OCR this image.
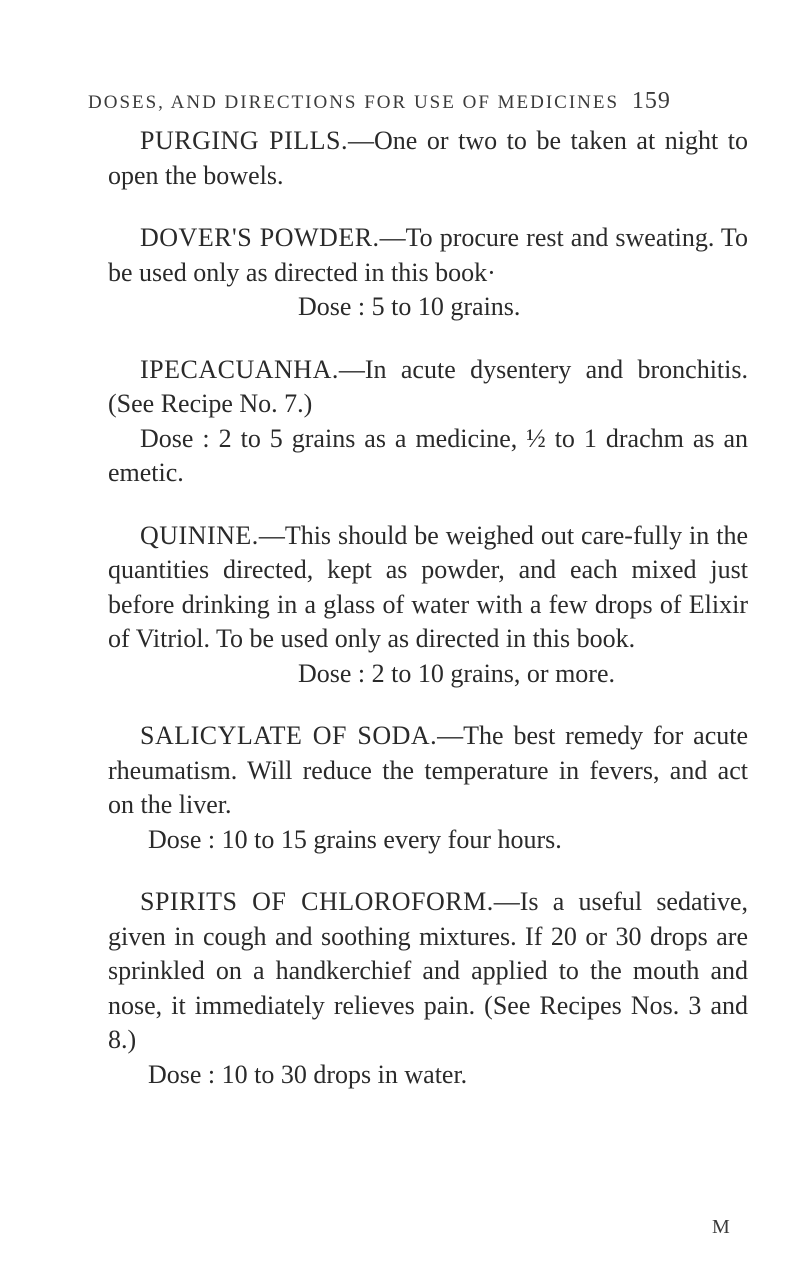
DOSES, AND DIRECTIONS FOR USE OF MEDICINES 159

PURGING PILLS.—One or two to be taken at night to open the bowels.

DOVER'S POWDER.—To procure rest and sweating. To be used only as directed in this book·

Dose : 5 to 10 grains.

IPECACUANHA.—In acute dysentery and bronchitis. (See Recipe No. 7.)

Dose : 2 to 5 grains as a medicine, ½ to 1 drachm as an emetic.

QUININE.—This should be weighed out care-fully in the quantities directed, kept as powder, and each mixed just before drinking in a glass of water with a few drops of Elixir of Vitriol. To be used only as directed in this book.

Dose : 2 to 10 grains, or more.

SALICYLATE OF SODA.—The best remedy for acute rheumatism. Will reduce the temperature in fevers, and act on the liver.

Dose : 10 to 15 grains every four hours.

SPIRITS OF CHLOROFORM.—Is a useful sedative, given in cough and soothing mixtures. If 20 or 30 drops are sprinkled on a handkerchief and applied to the mouth and nose, it immediately relieves pain. (See Recipes Nos. 3 and 8.)

Dose : 10 to 30 drops in water.
M
